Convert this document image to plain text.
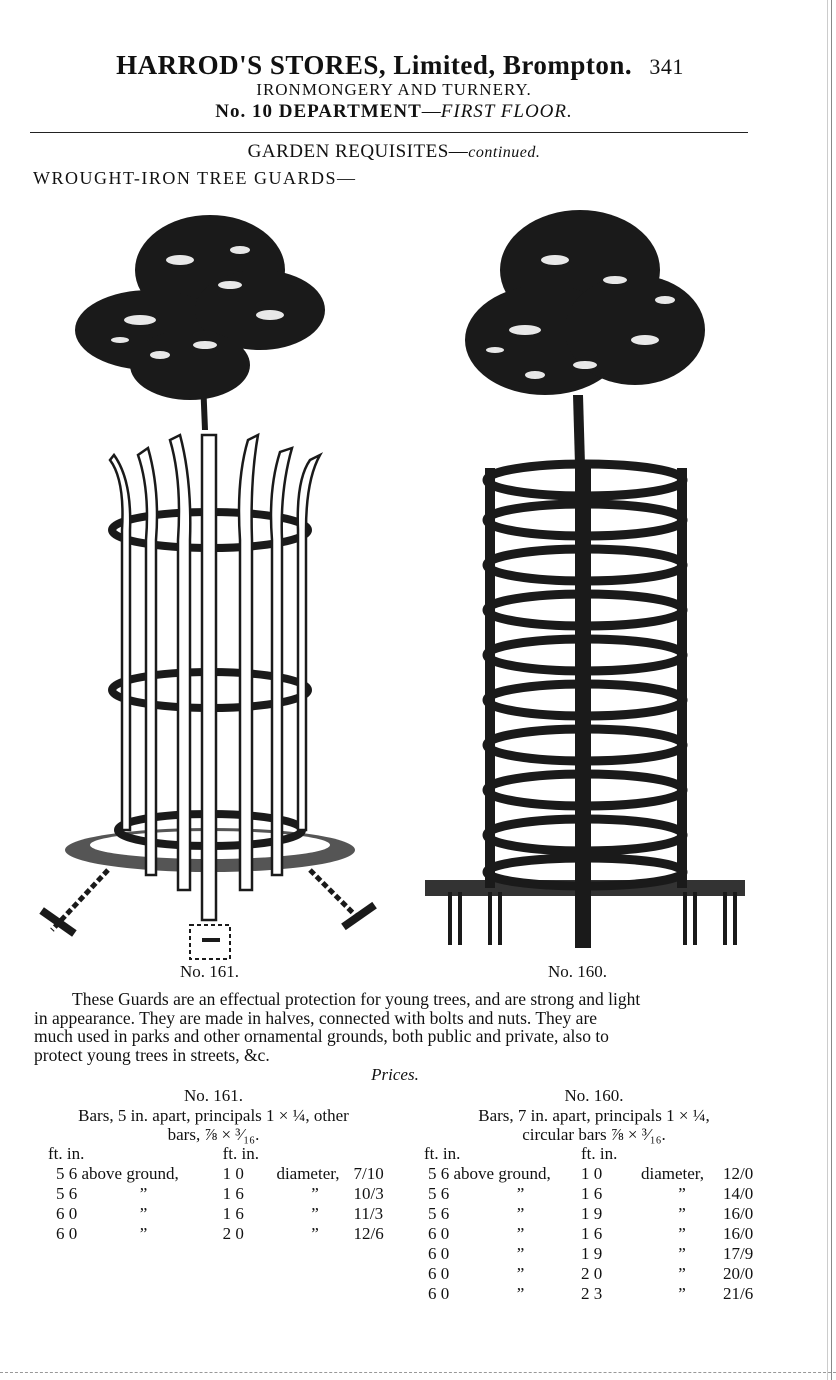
HARROD'S STORES, Limited, Brompton. 341
IRONMONGERY AND TURNERY.
No. 10 DEPARTMENT—FIRST FLOOR.
GARDEN REQUISITES—continued.
WROUGHT-IRON TREE GUARDS—
No. 161.	No. 160.
These Guards are an effectual protection for young trees, and are strong and light
in appearance. They are made in halves, connected with bolts and nuts. They are
much used in parks and other ornamental grounds, both public and private, also to
protect young trees in streets, &c.
Prices.
No. 161.
Bars, 5 in. apart, principals 1 × ¼, other
bars, ⅞ × ³⁄₁₆.
ft. in.		ft. in.		
5 6 above ground,		1 0	diameter,	7/10
5 6 ”		1 6	”	10/3
6 0 ”		1 6	”	11/3
6 0 ”		2 0	”	12/6
No. 160.
Bars, 7 in. apart, principals 1 × ¼,
circular bars ⅞ × ³⁄₁₆.
ft. in.		ft. in.		
5 6 above ground,		1 0	diameter,	12/0
5 6 ”		1 6	”	14/0
5 6 ”		1 9	”	16/0
6 0 ”		1 6	”	16/0
6 0 ”		1 9	”	17/9
6 0 ”		2 0	”	20/0
6 0 ”		2 3	”	21/6
